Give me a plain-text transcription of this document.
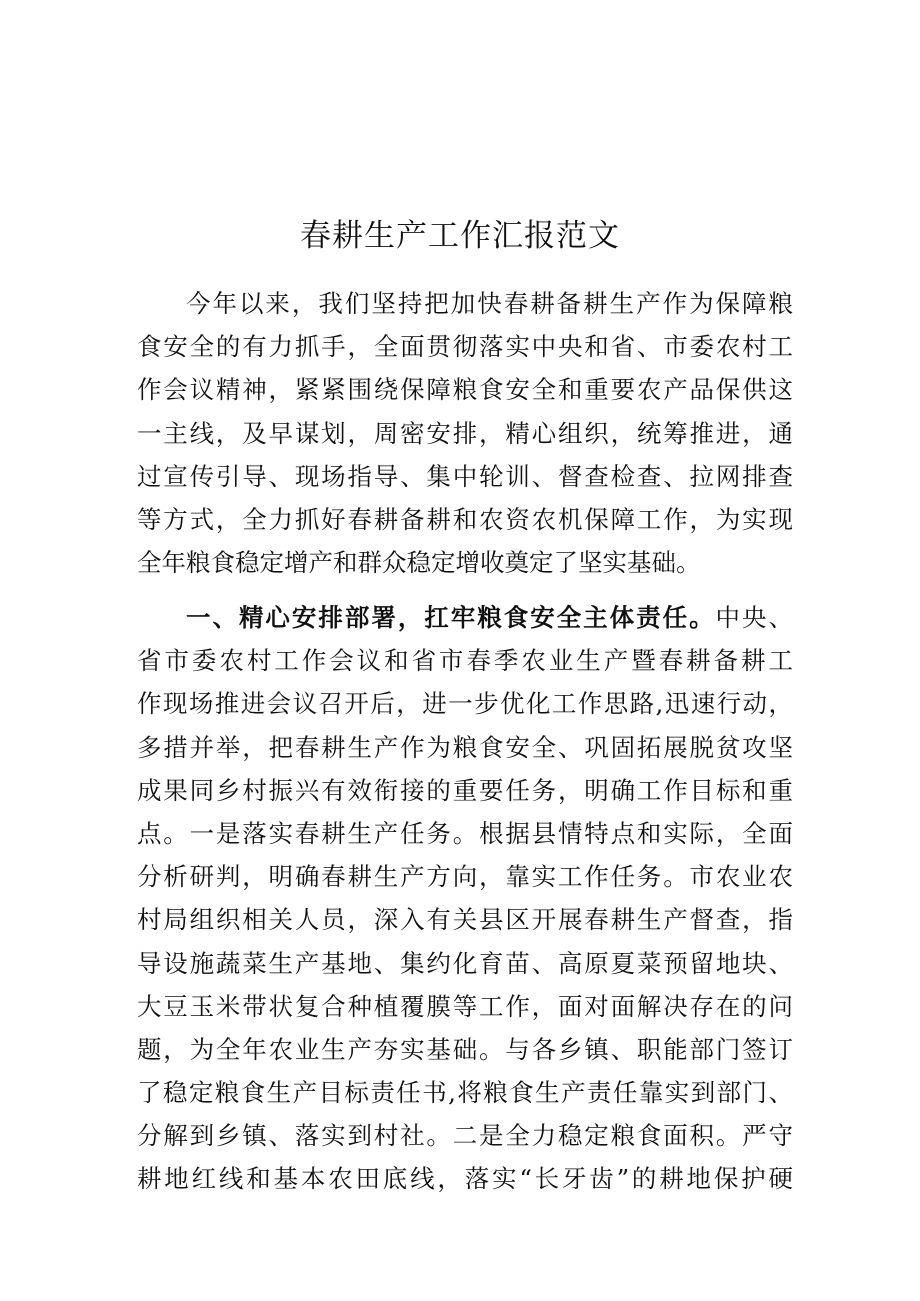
春耕生产工作汇报范文
今年以来，我们坚持把加快春耕备耕生产作为保障粮
食安全的有力抓手，全面贯彻落实中央和省、市委农村工
作会议精神，紧紧围绕保障粮食安全和重要农产品保供这
一主线，及早谋划，周密安排，精心组织，统筹推进，通
过宣传引导、现场指导、集中轮训、督查检查、拉网排查
等方式，全力抓好春耕备耕和农资农机保障工作，为实现
全年粮食稳定增产和群众稳定增收奠定了坚实基础。
一、精心安排部署，扛牢粮食安全主体责任。中央、
省市委农村工作会议和省市春季农业生产暨春耕备耕工
作现场推进会议召开后，进一步优化工作思路,迅速行动，
多措并举，把春耕生产作为粮食安全、巩固拓展脱贫攻坚
成果同乡村振兴有效衔接的重要任务，明确工作目标和重
点。一是落实春耕生产任务。根据县情特点和实际，全面
分析研判，明确春耕生产方向，靠实工作任务。市农业农
村局组织相关人员，深入有关县区开展春耕生产督查，指
导设施蔬菜生产基地、集约化育苗、高原夏菜预留地块、
大豆玉米带状复合种植覆膜等工作，面对面解决存在的问
题，为全年农业生产夯实基础。与各乡镇、职能部门签订
了稳定粮食生产目标责任书,将粮食生产责任靠实到部门、
分解到乡镇、落实到村社。二是全力稳定粮食面积。严守
耕地红线和基本农田底线，落实“长牙齿”的耕地保护硬
